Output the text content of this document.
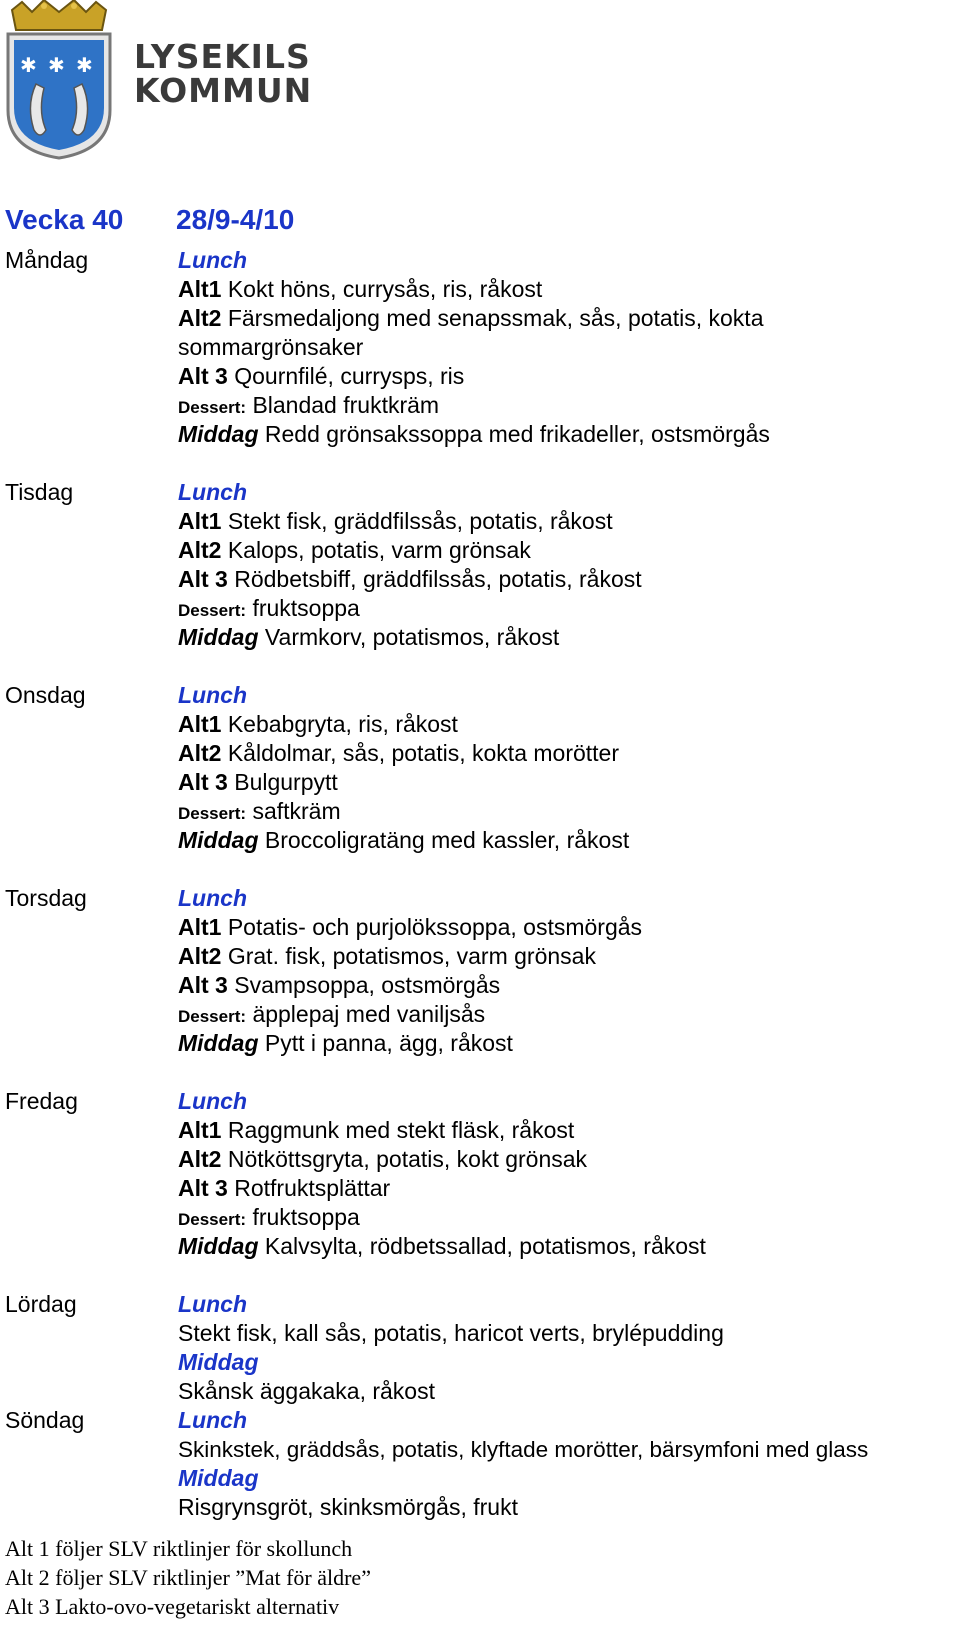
✱ ✱ ✱ LYSEKILS
KOMMUN
Vecka 40 28/9-4/10
Måndag	Lunch
Alt1 Kokt höns, currysås, ris, råkost
Alt2 Färsmedaljong med senapssmak, sås, potatis, kokta
sommargrönsaker
Alt 3 Qournfilé, currysps, ris
Dessert: Blandad fruktkräm
Middag Redd grönsakssoppa med frikadeller, ostsmörgås
Tisdag	Lunch
Alt1 Stekt fisk, gräddfilssås, potatis, råkost
Alt2 Kalops, potatis, varm grönsak
Alt 3 Rödbetsbiff, gräddfilssås, potatis, råkost
Dessert: fruktsoppa
Middag Varmkorv, potatismos, råkost
Onsdag	Lunch
Alt1 Kebabgryta, ris, råkost
Alt2 Kåldolmar, sås, potatis, kokta morötter
Alt 3 Bulgurpytt
Dessert: saftkräm
Middag Broccoligratäng med kassler, råkost
Torsdag	Lunch
Alt1 Potatis- och purjolökssoppa, ostsmörgås
Alt2 Grat. fisk, potatismos, varm grönsak
Alt 3 Svampsoppa, ostsmörgås
Dessert: äpplepaj med vaniljsås
Middag Pytt i panna, ägg, råkost
Fredag	Lunch
Alt1 Raggmunk med stekt fläsk, råkost
Alt2 Nötköttsgryta, potatis, kokt grönsak
Alt 3 Rotfruktsplättar
Dessert: fruktsoppa
Middag Kalvsylta, rödbetssallad, potatismos, råkost
Lördag	Lunch
Stekt fisk, kall sås, potatis, haricot verts, brylépudding
Middag
Skånsk äggakaka, råkost
Söndag	Lunch
Skinkstek, gräddsås, potatis, klyftade morötter, bärsymfoni med glass
Middag
Risgrynsgröt, skinksmörgås, frukt
Alt 1 följer SLV riktlinjer för skollunch
Alt 2 följer SLV riktlinjer ”Mat för äldre”
Alt 3 Lakto-ovo-vegetariskt alternativ
